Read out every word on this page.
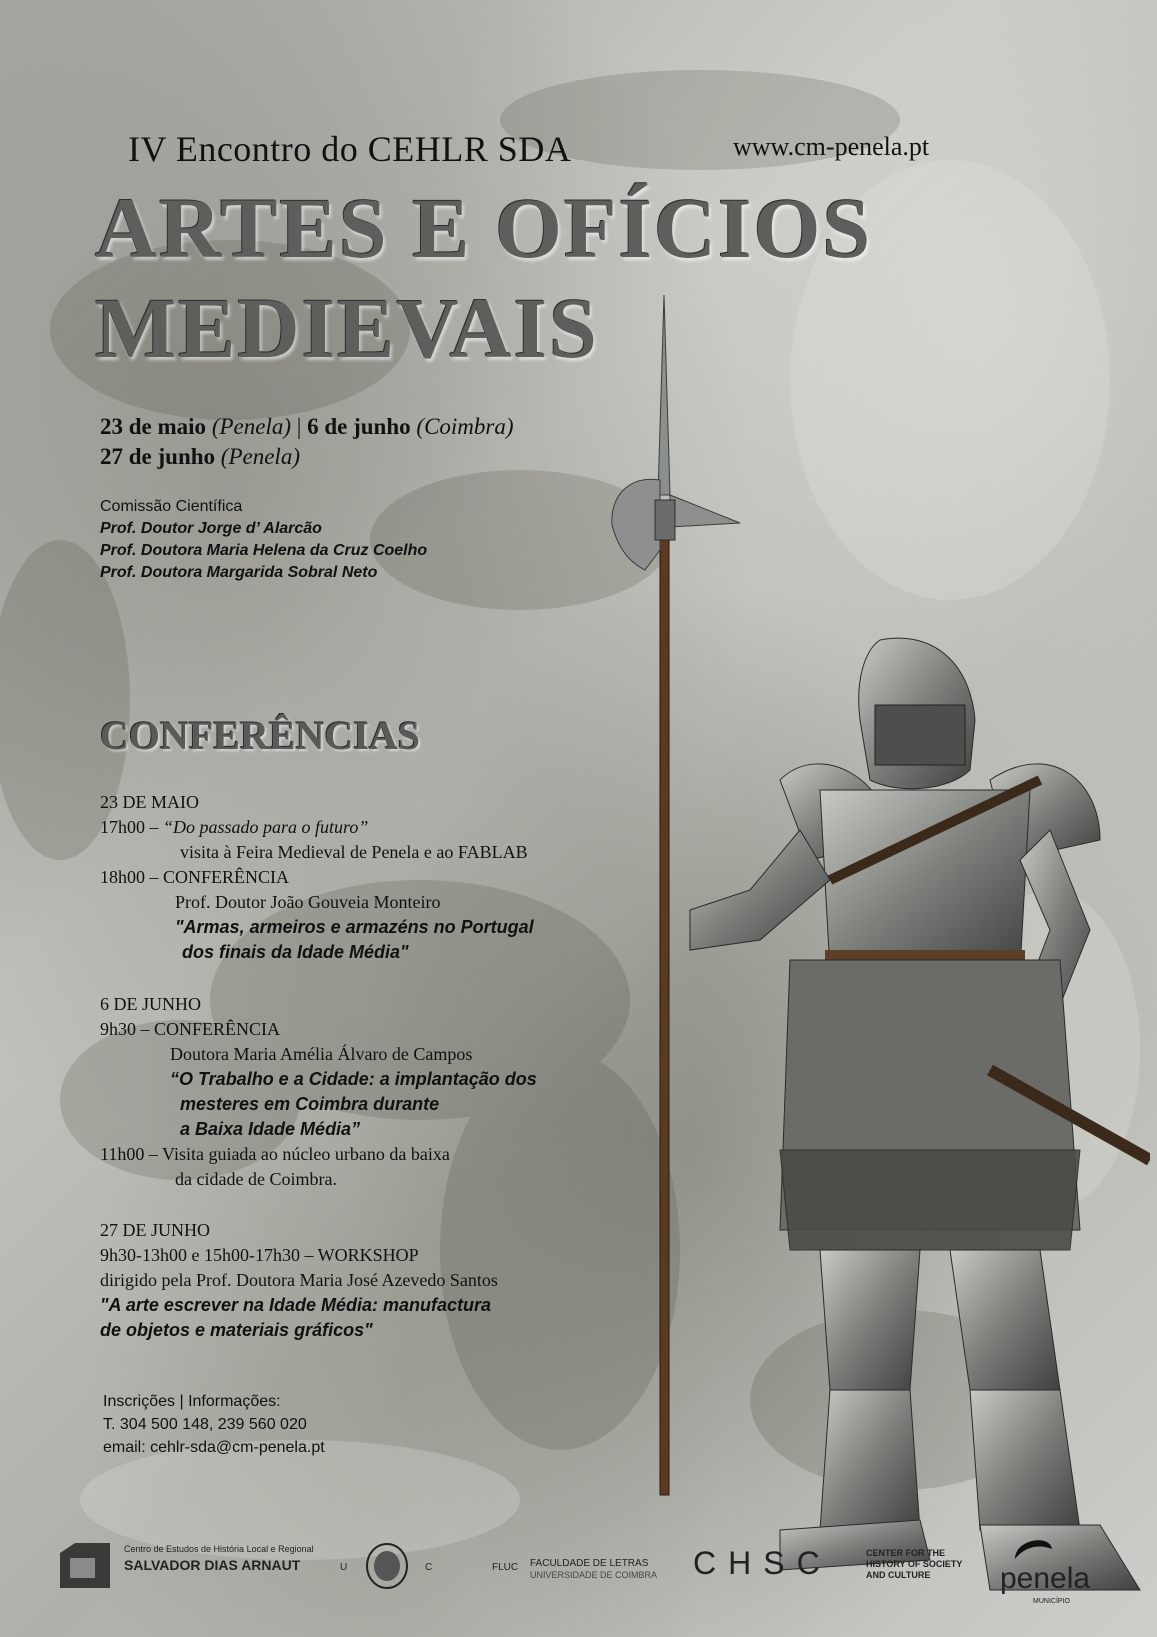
IV Encontro do CEHLR SDA	www.cm-penela.pt
ARTES E OFÍCIOS
MEDIEVAIS
23 de maio (Penela) | 6 de junho (Coimbra)
27 de junho (Penela)
Comissão Científica
Prof. Doutor Jorge d’ Alarcão
Prof. Doutora Maria Helena da Cruz Coelho
Prof. Doutora Margarida Sobral Neto
CONFERÊNCIAS
23 DE MAIO
17h00 – “Do passado para o futuro”
visita à Feira Medieval de Penela e ao FABLAB
18h00 – CONFERÊNCIA
Prof. Doutor João Gouveia Monteiro
"Armas, armeiros e armazéns no Portugal
dos finais da Idade Média"
6 DE JUNHO
9h30 – CONFERÊNCIA
Doutora Maria Amélia Álvaro de Campos
“O Trabalho e a Cidade: a implantação dos
mesteres em Coimbra durante
a Baixa Idade Média”
11h00 – Visita guiada ao núcleo urbano da baixa
da cidade de Coimbra.
27 DE JUNHO
9h30-13h00 e 15h00-17h30 – WORKSHOP
dirigido pela Prof. Doutora Maria José Azevedo Santos
"A arte escrever na Idade Média: manufactura
de objetos e materiais gráficos"
Inscrições | Informações:
T. 304 500 148, 239 560 020
email: cehlr-sda@cm-penela.pt
Centro de Estudos de História Local e Regional
SALVADOR DIAS ARNAUT	U	C	FLUC FACULDADE DE LETRAS
UNIVERSIDADE DE COIMBRA CHSC	CENTER FOR THE
HISTORY OF SOCIETY
AND CULTURE	penela
MUNICÍPIO
